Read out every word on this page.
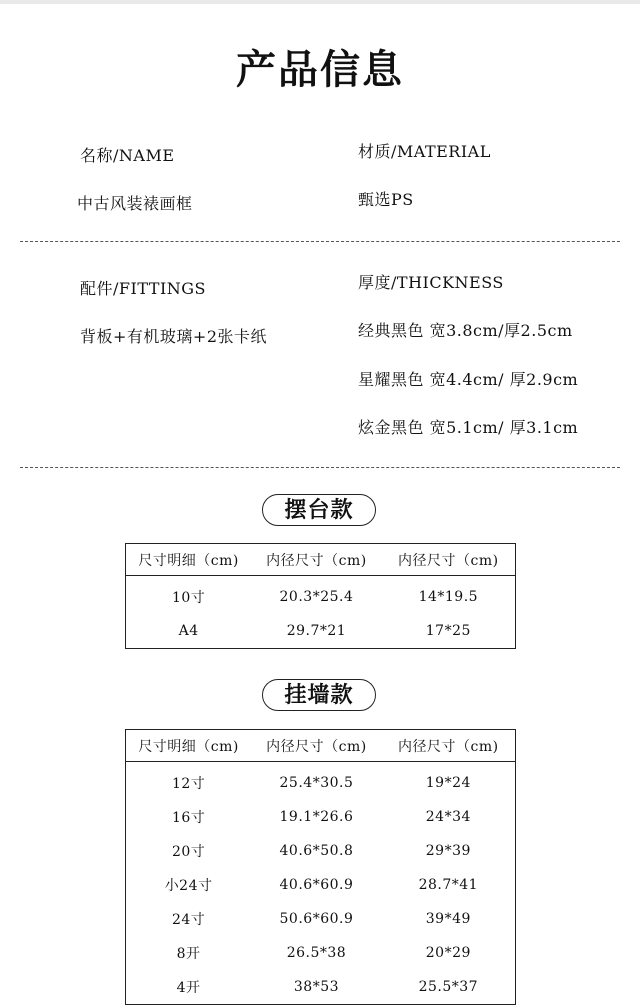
产品信息
名称/NAME
中古风装裱画框
材质/MATERIAL
甄选PS
配件/FITTINGS
背板+有机玻璃+2张卡纸
厚度/THICKNESS
经典黑色 宽3.8cm/厚2.5cm
星耀黑色 宽4.4cm/ 厚2.9cm
炫金黑色 宽5.1cm/ 厚3.1cm
摆台款
尺寸明细（cm)	内径尺寸（cm)	内径尺寸（cm)
10寸	20.3*25.4	14*19.5
A4	29.7*21	17*25
挂墙款
尺寸明细（cm)	内径尺寸（cm)	内径尺寸（cm)
12寸	25.4*30.5	19*24
16寸	19.1*26.6	24*34
20寸	40.6*50.8	29*39
小24寸	40.6*60.9	28.7*41
24寸	50.6*60.9	39*49
8开	26.5*38	20*29
4开	38*53	25.5*37
